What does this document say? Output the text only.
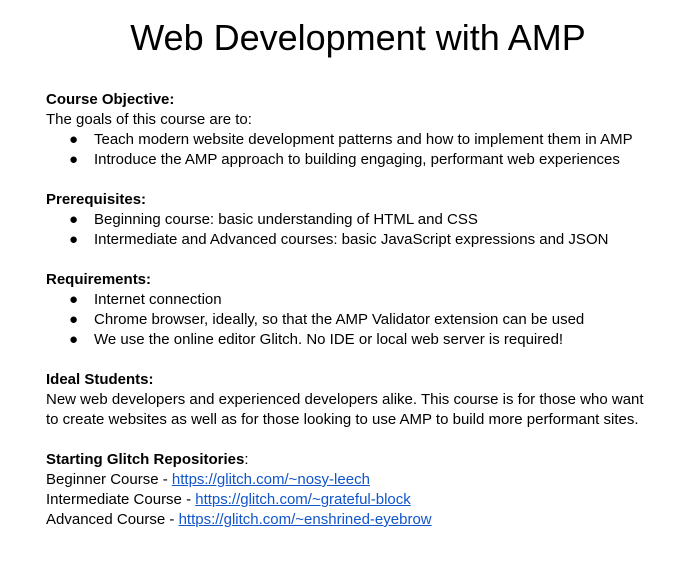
Web Development with AMP
Course Objective:
The goals of this course are to:
● Teach modern website development patterns and how to implement them in AMP
● Introduce the AMP approach to building engaging, performant web experiences
Prerequisites:
● Beginning course: basic understanding of HTML and CSS
● Intermediate and Advanced courses: basic JavaScript expressions and JSON
Requirements:
● Internet connection
● Chrome browser, ideally, so that the AMP Validator extension can be used
● We use the online editor Glitch. No IDE or local web server is required!
Ideal Students:
New web developers and experienced developers alike. This course is for those who want to create websites as well as for those looking to use AMP to build more performant sites.
Starting Glitch Repositories:
Beginner Course - https://glitch.com/~nosy-leech
Intermediate Course - https://glitch.com/~grateful-block
Advanced Course - https://glitch.com/~enshrined-eyebrow
